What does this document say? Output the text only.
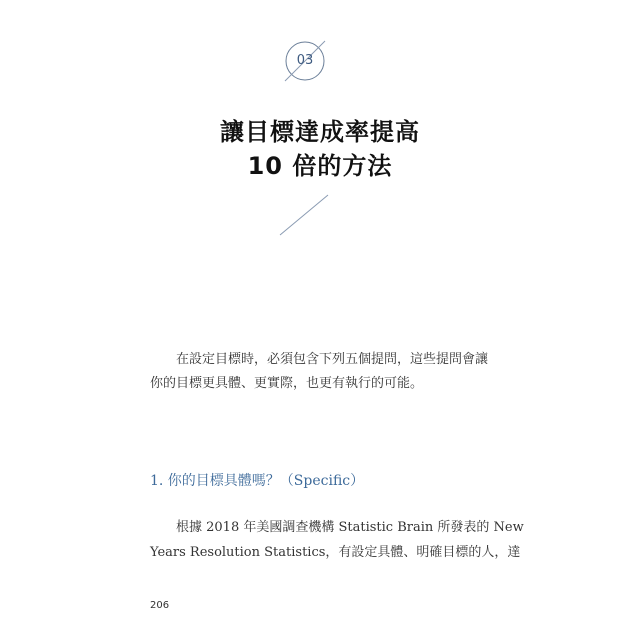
03
讓目標達成率提高
10 倍的方法
在設定目標時，必須包含下列五個提問，這些提問會讓
你的目標更具體、更實際，也更有執行的可能。
1. 你的目標具體嗎？（Specific）
根據 2018 年美國調查機構 Statistic Brain 所發表的 New
Years Resolution Statistics，有設定具體、明確目標的人，達
206
